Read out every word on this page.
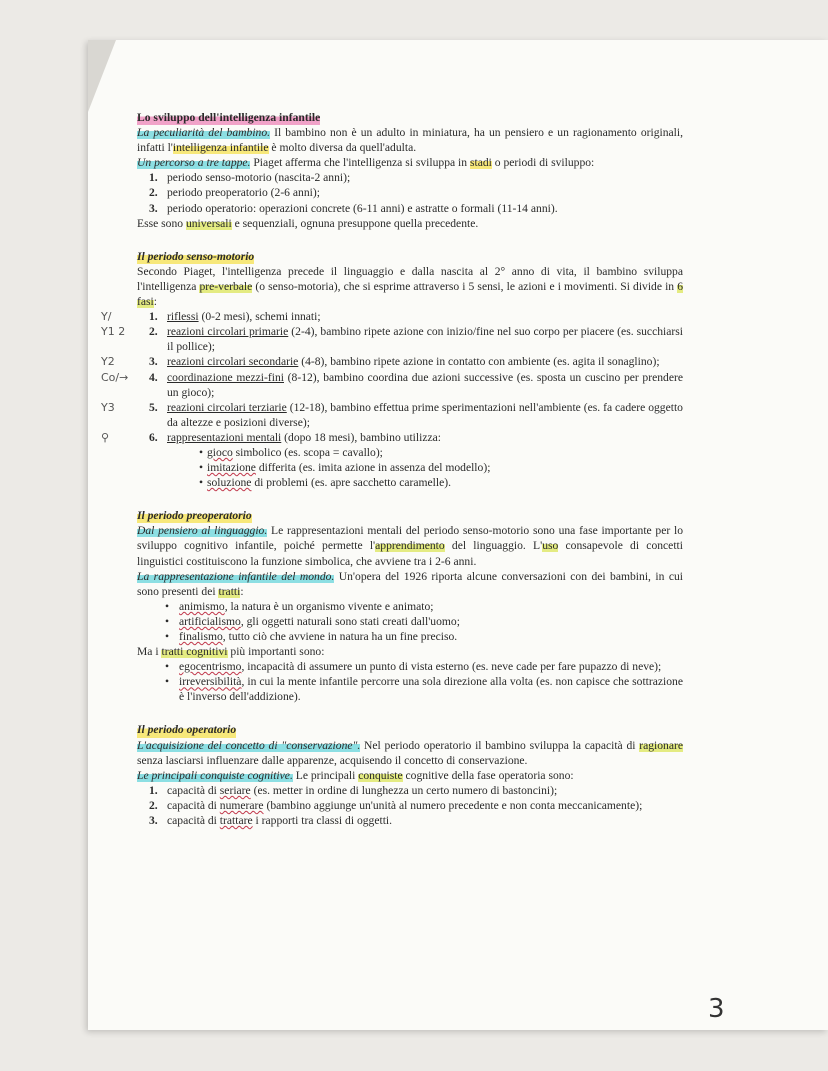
Lo sviluppo dell'intelligenza infantile

La peculiarità del bambino. Il bambino non è un adulto in miniatura, ha un pensiero e un ragionamento originali, infatti l'intelligenza infantile è molto diversa da quell'adulta.

Un percorso a tre tappe. Piaget afferma che l'intelligenza si sviluppa in stadi o periodi di sviluppo:

1. periodo senso-motorio (nascita-2 anni);
2. periodo preoperatorio (2-6 anni);
3. periodo operatorio: operazioni concrete (6-11 anni) e astratte o formali (11-14 anni).

Esse sono universali e sequenziali, ognuna presuppone quella precedente.

Il periodo senso-motorio

Secondo Piaget, l'intelligenza precede il linguaggio e dalla nascita al 2° anno di vita, il bambino sviluppa l'intelligenza pre-verbale (o senso-motoria), che si esprime attraverso i 5 sensi, le azioni e i movimenti. Si divide in 6 fasi:

Y/	1. riflessi (0-2 mesi), schemi innati;
Y1 2 2. reazioni circolari primarie (2-4), bambino ripete azione con inizio/fine nel suo corpo per piacere (es. succhiarsi il pollice);
Y2	3. reazioni circolari secondarie (4-8), bambino ripete azione in contatto con ambiente (es. agita il sonaglino);
Co/→ 4. coordinazione mezzi-fini (8-12), bambino coordina due azioni successive (es. sposta un cuscino per prendere un gioco);
Y3	5. reazioni circolari terziarie (12-18), bambino effettua prime sperimentazioni nell'ambiente (es. fa cadere oggetto da altezze e posizioni diverse);
⚲	6. rappresentazioni mentali (dopo 18 mesi), bambino utilizza:
• gioco simbolico (es. scopa = cavallo);
• imitazione differita (es. imita azione in assenza del modello);
• soluzione di problemi (es. apre sacchetto caramelle).

Il periodo preoperatorio

Dal pensiero al linguaggio. Le rappresentazioni mentali del periodo senso-motorio sono una fase importante per lo sviluppo cognitivo infantile, poiché permette l'apprendimento del linguaggio. L'uso consapevole di concetti linguistici costituiscono la funzione simbolica, che avviene tra i 2-6 anni.

La rappresentazione infantile del mondo. Un'opera del 1926 riporta alcune conversazioni con dei bambini, in cui sono presenti dei tratti:

• animismo, la natura è un organismo vivente e animato;
• artificialismo, gli oggetti naturali sono stati creati dall'uomo;
• finalismo, tutto ciò che avviene in natura ha un fine preciso.

Ma i tratti cognitivi più importanti sono:

• egocentrismo, incapacità di assumere un punto di vista esterno (es. neve cade per fare pupazzo di neve);
• irreversibilità, in cui la mente infantile percorre una sola direzione alla volta (es. non capisce che sottrazione è l'inverso dell'addizione).

Il periodo operatorio

L'acquisizione del concetto di "conservazione". Nel periodo operatorio il bambino sviluppa la capacità di ragionare senza lasciarsi influenzare dalle apparenze, acquisendo il concetto di conservazione.

Le principali conquiste cognitive. Le principali conquiste cognitive della fase operatoria sono:

1. capacità di seriare (es. metter in ordine di lunghezza un certo numero di bastoncini);
2. capacità di numerare (bambino aggiunge un'unità al numero precedente e non conta meccanicamente);
3. capacità di trattare i rapporti tra classi di oggetti.
3
